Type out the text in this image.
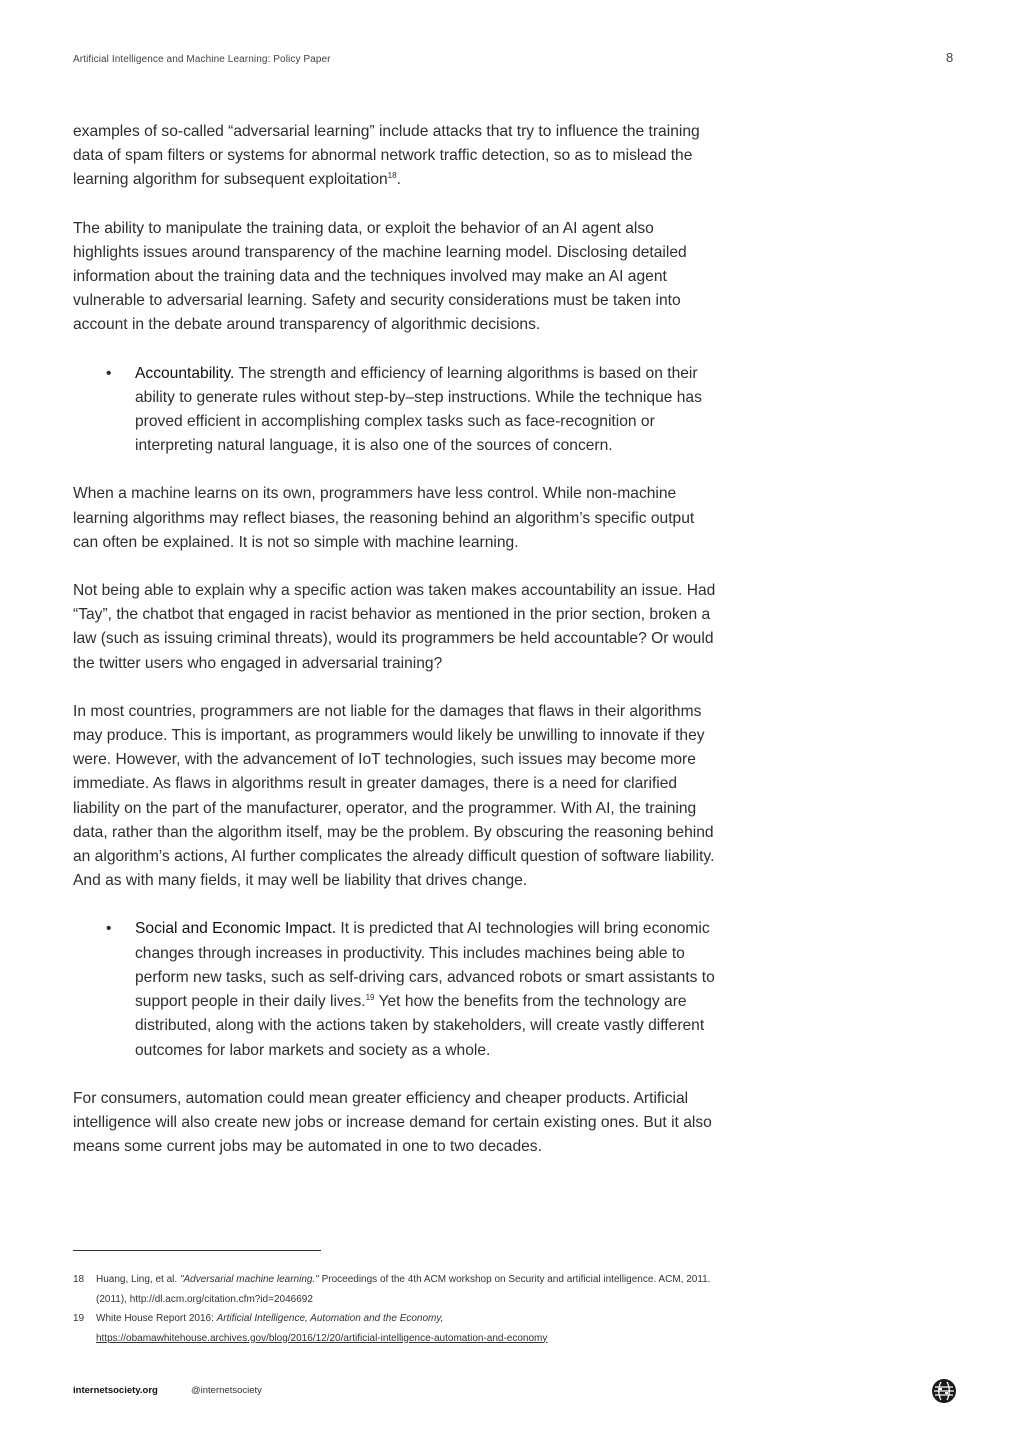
Artificial Intelligence and Machine Learning: Policy Paper	8

examples of so-called “adversarial learning” include attacks that try to influence the training data of spam filters or systems for abnormal network traffic detection, so as to mislead the learning algorithm for subsequent exploitation$^{18}$.

The ability to manipulate the training data, or exploit the behavior of an AI agent also highlights issues around transparency of the machine learning model. Disclosing detailed information about the training data and the techniques involved may make an AI agent vulnerable to adversarial learning. Safety and security considerations must be taken into account in the debate around transparency of algorithmic decisions.

• Accountability. The strength and efficiency of learning algorithms is based on their ability to generate rules without step-by–step instructions. While the technique has proved efficient in accomplishing complex tasks such as face-recognition or interpreting natural language, it is also one of the sources of concern.

When a machine learns on its own, programmers have less control. While non-machine learning algorithms may reflect biases, the reasoning behind an algorithm’s specific output can often be explained. It is not so simple with machine learning.

Not being able to explain why a specific action was taken makes accountability an issue. Had “Tay”, the chatbot that engaged in racist behavior as mentioned in the prior section, broken a law (such as issuing criminal threats), would its programmers be held accountable? Or would the twitter users who engaged in adversarial training?

In most countries, programmers are not liable for the damages that flaws in their algorithms may produce. This is important, as programmers would likely be unwilling to innovate if they were. However, with the advancement of IoT technologies, such issues may become more immediate. As flaws in algorithms result in greater damages, there is a need for clarified liability on the part of the manufacturer, operator, and the programmer. With AI, the training data, rather than the algorithm itself, may be the problem. By obscuring the reasoning behind an algorithm’s actions, AI further complicates the already difficult question of software liability. And as with many fields, it may well be liability that drives change.

• Social and Economic Impact. It is predicted that AI technologies will bring economic changes through increases in productivity. This includes machines being able to perform new tasks, such as self-driving cars, advanced robots or smart assistants to support people in their daily lives.$^{19}$ Yet how the benefits from the technology are distributed, along with the actions taken by stakeholders, will create vastly different outcomes for labor markets and society as a whole.

For consumers, automation could mean greater efficiency and cheaper products. Artificial intelligence will also create new jobs or increase demand for certain existing ones. But it also means some current jobs may be automated in one to two decades.

18 Huang, Ling, et al. "Adversarial machine learning." Proceedings of the 4th ACM workshop on Security and artificial intelligence. ACM, 2011. (2011), http://dl.acm.org/citation.cfm?id=2046692
19 White House Report 2016: Artificial Intelligence, Automation and the Economy,
https://obamawhitehouse.archives.gov/blog/2016/12/20/artificial-intelligence-automation-and-economy
internetsociety.org	@internetsociety
